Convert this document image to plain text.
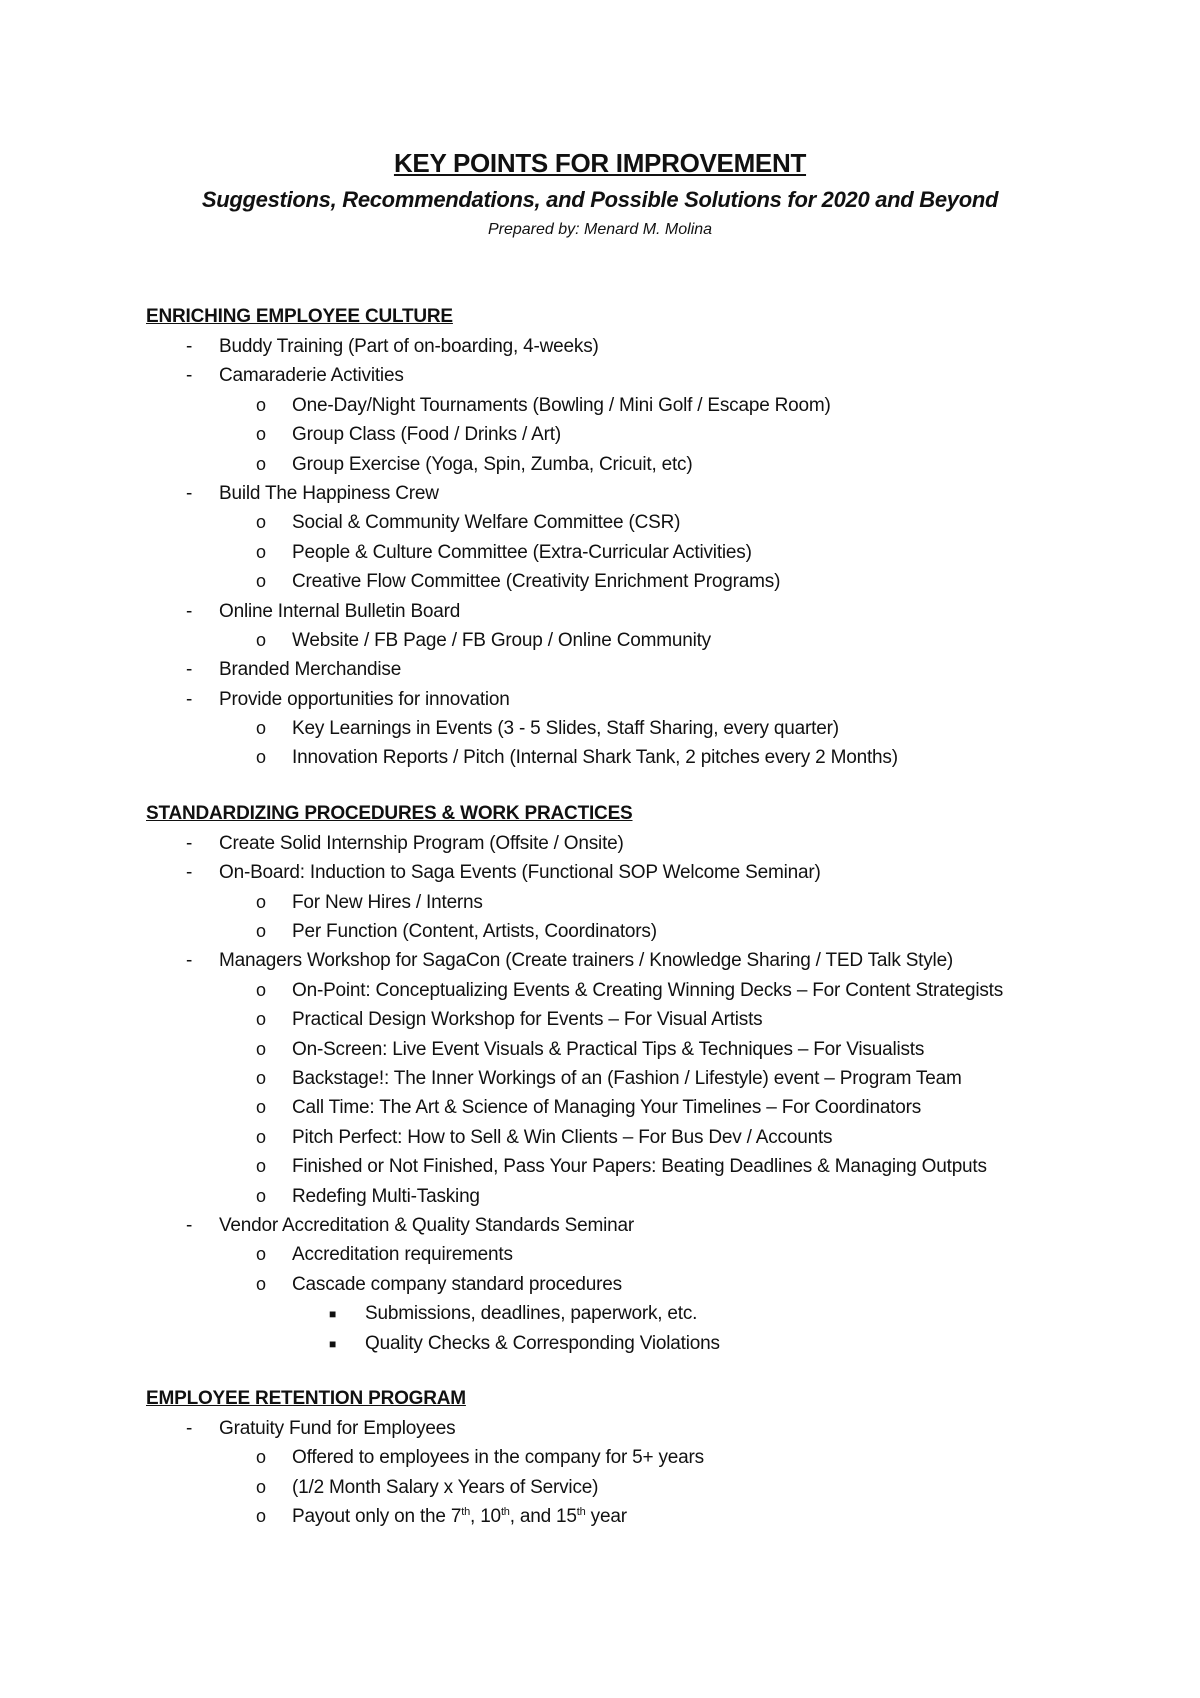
KEY POINTS FOR IMPROVEMENT
Suggestions, Recommendations, and Possible Solutions for 2020 and Beyond
Prepared by: Menard M. Molina
ENRICHING EMPLOYEE CULTURE
- Buddy Training (Part of on-boarding, 4-weeks)
- Camaraderie Activities
o One-Day/Night Tournaments (Bowling / Mini Golf / Escape Room)
o Group Class (Food / Drinks / Art)
o Group Exercise (Yoga, Spin, Zumba, Cricuit, etc)
- Build The Happiness Crew
o Social & Community Welfare Committee (CSR)
o People & Culture Committee (Extra-Curricular Activities)
o Creative Flow Committee (Creativity Enrichment Programs)
- Online Internal Bulletin Board
o Website / FB Page / FB Group / Online Community
- Branded Merchandise
- Provide opportunities for innovation
o Key Learnings in Events (3 - 5 Slides, Staff Sharing, every quarter)
o Innovation Reports / Pitch (Internal Shark Tank, 2 pitches every 2 Months)
STANDARDIZING PROCEDURES & WORK PRACTICES
- Create Solid Internship Program (Offsite / Onsite)
- On-Board: Induction to Saga Events (Functional SOP Welcome Seminar)
o For New Hires / Interns
o Per Function (Content, Artists, Coordinators)
- Managers Workshop for SagaCon (Create trainers / Knowledge Sharing / TED Talk Style)
o On-Point: Conceptualizing Events & Creating Winning Decks – For Content Strategists
o Practical Design Workshop for Events – For Visual Artists
o On-Screen: Live Event Visuals & Practical Tips & Techniques – For Visualists
o Backstage!: The Inner Workings of an (Fashion / Lifestyle) event – Program Team
o Call Time: The Art & Science of Managing Your Timelines – For Coordinators
o Pitch Perfect: How to Sell & Win Clients – For Bus Dev / Accounts
o Finished or Not Finished, Pass Your Papers: Beating Deadlines & Managing Outputs
o Redefing Multi-Tasking
- Vendor Accreditation & Quality Standards Seminar
o Accreditation requirements
o Cascade company standard procedures
■ Submissions, deadlines, paperwork, etc.
■ Quality Checks & Corresponding Violations
EMPLOYEE RETENTION PROGRAM
- Gratuity Fund for Employees
o Offered to employees in the company for 5+ years
o (1/2 Month Salary x Years of Service)
o Payout only on the 7th, 10th, and 15th year
